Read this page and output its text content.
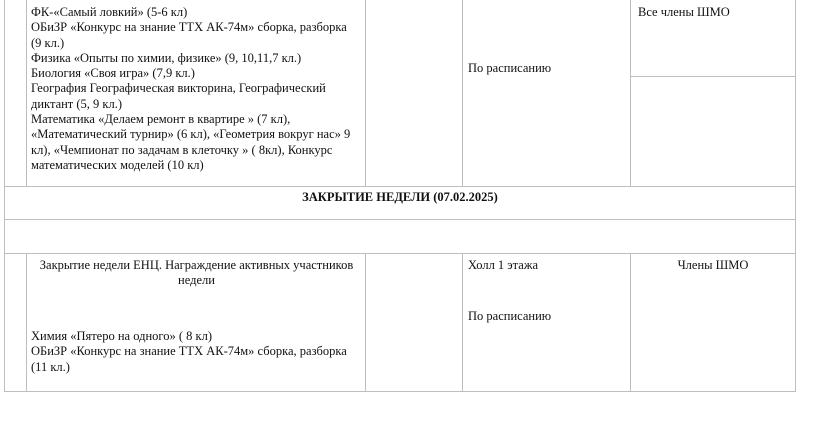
ФК-«Самый ловкий» (5-6 кл)
ОБиЗР «Конкурс на знание ТТХ АК-74м» сборка, разборка
(9 кл.)
Физика «Опыты по химии, физике» (9, 10,11,7 кл.)
Биология «Своя игра» (7,9 кл.)
География Географическая викторина, Географический
диктант (5, 9 кл.)
Математика «Делаем ремонт в квартире » (7 кл),
«Математический турнир» (6 кл), «Геометрия вокруг нас» 9
кл), «Чемпионат по задачам в клеточку » ( 8кл), Конкурс
математических моделей (10 кл)
По расписанию
Все члены ШМО
ЗАКРЫТИЕ НЕДЕЛИ (07.02.2025)
Закрытие недели ЕНЦ. Награждение активных участников
недели
Химия «Пятеро на одного» ( 8 кл)
ОБиЗР «Конкурс на знание ТТХ АК-74м» сборка, разборка
(11 кл.)
Холл 1 этажа
По расписанию
Члены ШМО
